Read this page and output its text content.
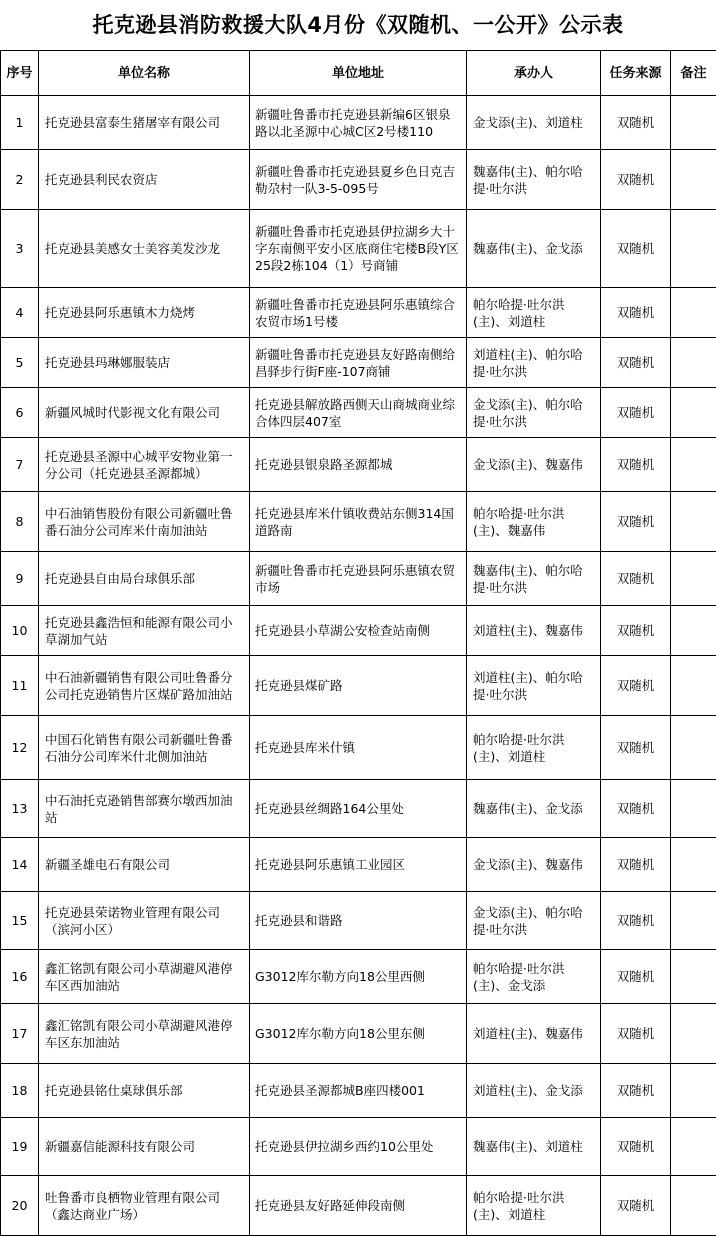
托克逊县消防救援大队4月份《双随机、一公开》公示表
序号	单位名称	单位地址	承办人	任务来源	备注
1	托克逊县富泰生猪屠宰有限公司	新疆吐鲁番市托克逊县新编6区银泉路以北圣源中心城C区2号楼110	金戈添(主)、刘道柱	双随机	
2	托克逊县利民农资店	新疆吐鲁番市托克逊县夏乡色日克吉勒尕村一队3-5-095号	魏嘉伟(主)、帕尔哈提·吐尔洪	双随机	
3	托克逊县美感女士美容美发沙龙	新疆吐鲁番市托克逊县伊拉湖乡大十字东南侧平安小区底商住宅楼B段Y区25段2栋104（1）号商铺	魏嘉伟(主)、金戈添	双随机	
4	托克逊县阿乐惠镇木力烧烤	新疆吐鲁番市托克逊县阿乐惠镇综合农贸市场1号楼	帕尔哈提·吐尔洪(主)、刘道柱	双随机	
5	托克逊县玛琳娜服装店	新疆吐鲁番市托克逊县友好路南侧给昌驿步行街F座-107商铺	刘道柱(主)、帕尔哈提·吐尔洪	双随机	
6	新疆风城时代影视文化有限公司	托克逊县解放路西侧天山商城商业综合体四层407室	金戈添(主)、帕尔哈提·吐尔洪	双随机	
7	托克逊县圣源中心城平安物业第一分公司（托克逊县圣源都城）	托克逊县银泉路圣源都城	金戈添(主)、魏嘉伟	双随机	
8	中石油销售股份有限公司新疆吐鲁番石油分公司库米什南加油站	托克逊县库米什镇收费站东侧314国道路南	帕尔哈提·吐尔洪(主)、魏嘉伟	双随机	
9	托克逊县自由局台球俱乐部	新疆吐鲁番市托克逊县阿乐惠镇农贸市场	魏嘉伟(主)、帕尔哈提·吐尔洪	双随机	
10	托克逊县鑫浩恒和能源有限公司小草湖加气站	托克逊县小草湖公安检查站南侧	刘道柱(主)、魏嘉伟	双随机	
11	中石油新疆销售有限公司吐鲁番分公司托克逊销售片区煤矿路加油站	托克逊县煤矿路	刘道柱(主)、帕尔哈提·吐尔洪	双随机	
12	中国石化销售有限公司新疆吐鲁番石油分公司库米什北侧加油站	托克逊县库米什镇	帕尔哈提·吐尔洪(主)、刘道柱	双随机	
13	中石油托克逊销售部赛尔墩西加油站	托克逊县丝绸路164公里处	魏嘉伟(主)、金戈添	双随机	
14	新疆圣雄电石有限公司	托克逊县阿乐惠镇工业园区	金戈添(主)、魏嘉伟	双随机	
15	托克逊县荣诺物业管理有限公司（滨河小区）	托克逊县和谐路	金戈添(主)、帕尔哈提·吐尔洪	双随机	
16	鑫汇铭凯有限公司小草湖避风港停车区西加油站	G3012库尔勒方向18公里西侧	帕尔哈提·吐尔洪(主)、金戈添	双随机	
17	鑫汇铭凯有限公司小草湖避风港停车区东加油站	G3012库尔勒方向18公里东侧	刘道柱(主)、魏嘉伟	双随机	
18	托克逊县铭仕桌球俱乐部	托克逊县圣源都城B座四楼001	刘道柱(主)、金戈添	双随机	
19	新疆嘉信能源科技有限公司	托克逊县伊拉湖乡西约10公里处	魏嘉伟(主)、刘道柱	双随机	
20	吐鲁番市良栖物业管理有限公司（鑫达商业广场）	托克逊县友好路延伸段南侧	帕尔哈提·吐尔洪(主)、刘道柱	双随机	
